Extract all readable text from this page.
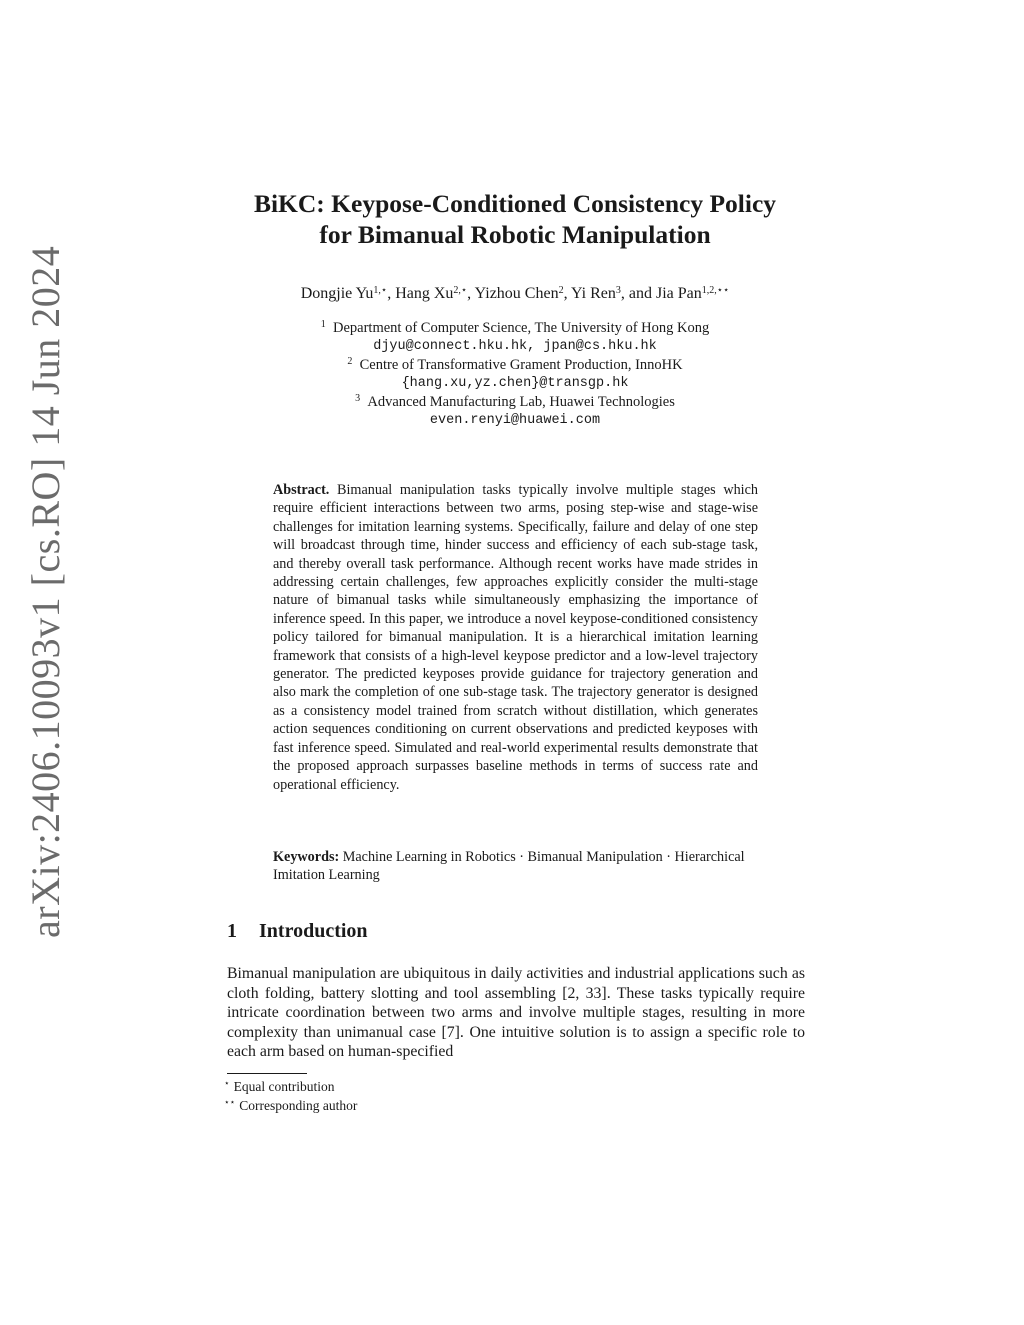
arXiv:2406.10093v1 [cs.RO] 14 Jun 2024
BiKC: Keypose-Conditioned Consistency Policy
for Bimanual Robotic Manipulation
Dongjie $Yu^{1,⋆}$, Hang $Xu^{2,⋆}$, Yizhou Chen$^2$, Yi Ren$^3$, and Jia Pan$^{1,2,⋆⋆}$
$^1$ Department of Computer Science, The University of Hong Kong
djyu@connect.hku.hk, jpan@cs.hku.hk
$^2$ Centre of Transformative Grament Production, InnoHK
{hang.xu,yz.chen}@transgp.hk
$^3$ Advanced Manufacturing Lab, Huawei Technologies
even.renyi@huawei.com
Abstract. Bimanual manipulation tasks typically involve multiple stages which require efficient interactions between two arms, posing step-wise and stage-wise challenges for imitation learning systems. Specifically, failure and delay of one step will broadcast through time, hinder success and efficiency of each sub-stage task, and thereby overall task performance. Although recent works have made strides in addressing certain challenges, few approaches explicitly consider the multi-stage nature of bimanual tasks while simultaneously emphasizing the importance of inference speed. In this paper, we introduce a novel keypose-conditioned consistency policy tailored for bimanual manipulation. It is a hierarchical imitation learning framework that consists of a high-level keypose predictor and a low-level trajectory generator. The predicted keyposes provide guidance for trajectory generation and also mark the completion of one sub-stage task. The trajectory generator is designed as a consistency model trained from scratch without distillation, which generates action sequences conditioning on current observations and predicted keyposes with fast inference speed. Simulated and real-world experimental results demonstrate that the proposed approach surpasses baseline methods in terms of success rate and operational efficiency.
Keywords: Machine Learning in Robotics · Bimanual Manipulation · Hierarchical Imitation Learning
1 Introduction
Bimanual manipulation are ubiquitous in daily activities and industrial applications such as cloth folding, battery slotting and tool assembling [2, 33]. These tasks typically require intricate coordination between two arms and involve multiple stages, resulting in more complexity than unimanual case [7]. One intuitive solution is to assign a specific role to each arm based on human-specified
⋆ Equal contribution
⋆⋆ Corresponding author
